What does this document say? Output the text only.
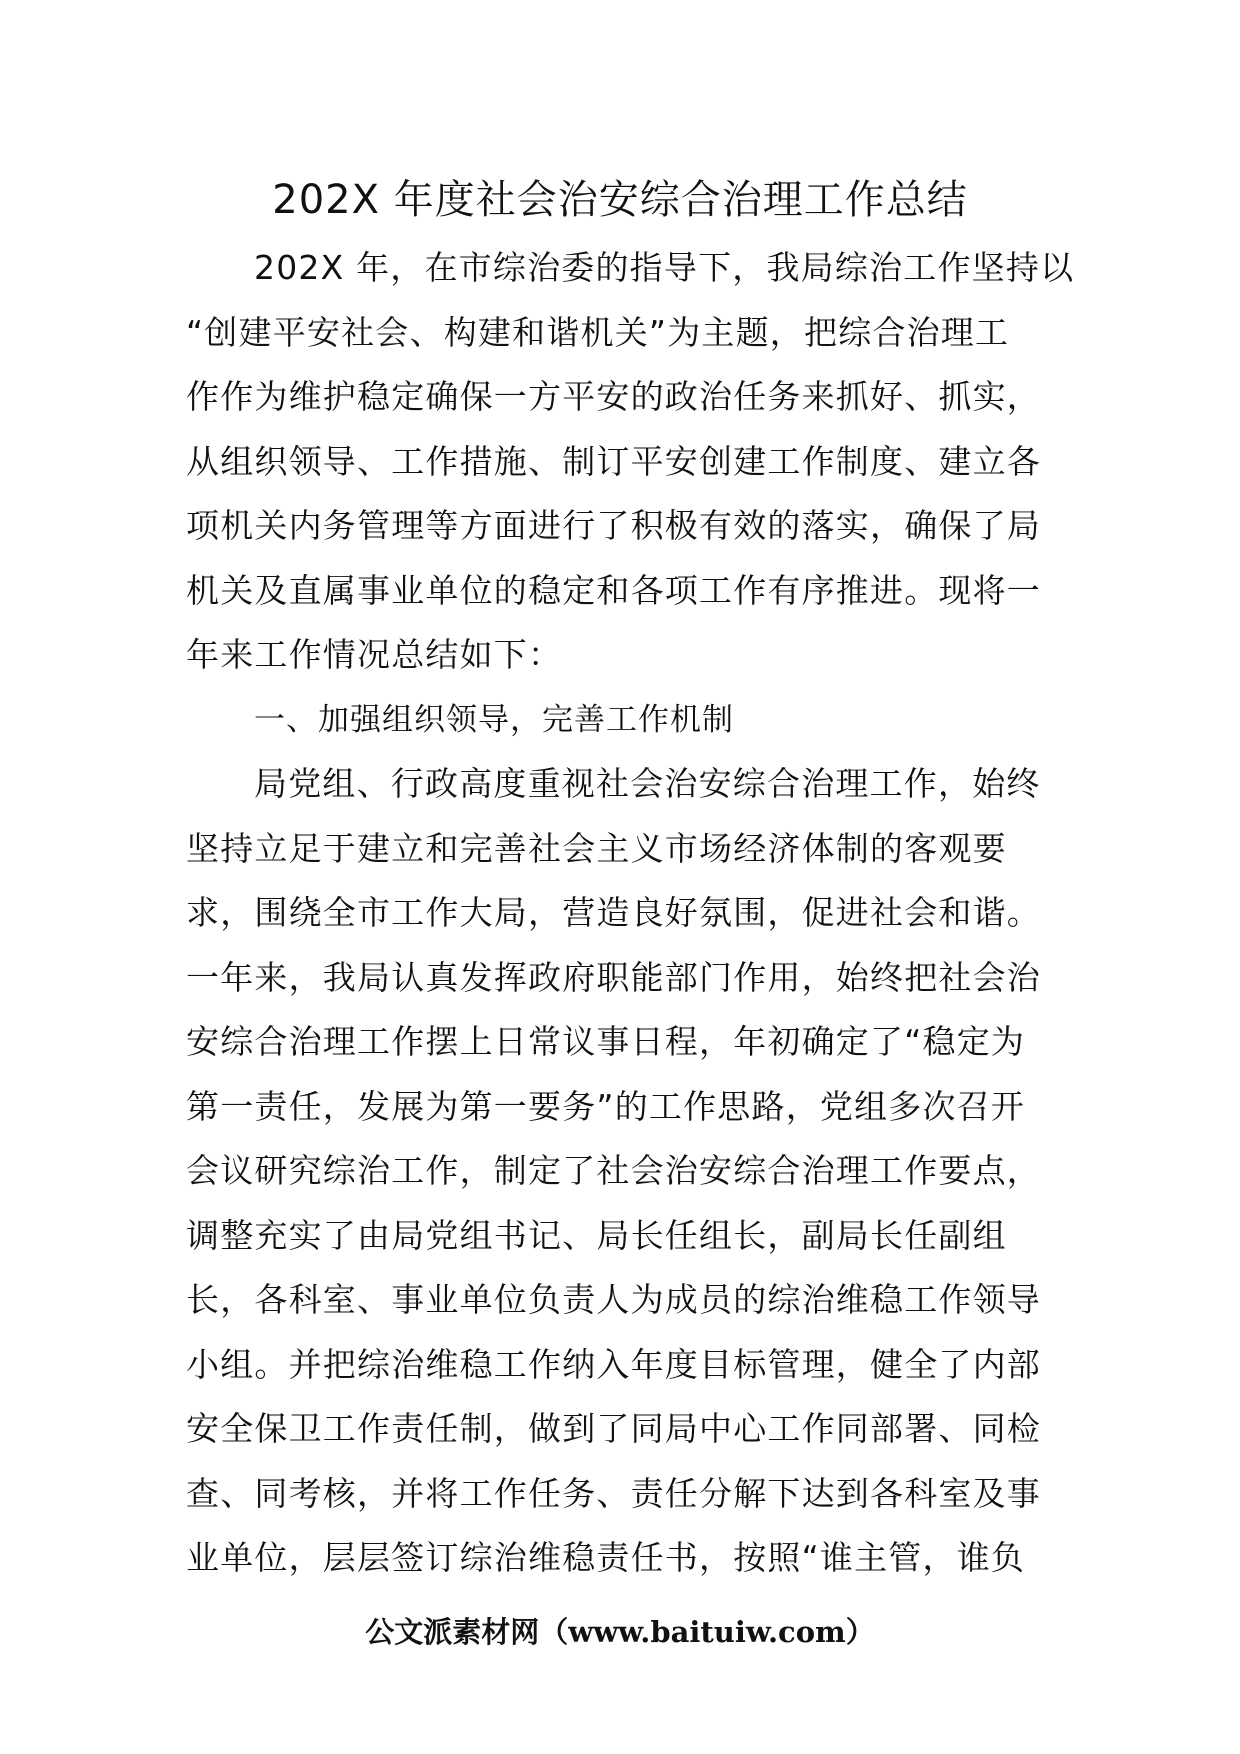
202X 年度社会治安综合治理工作总结
202X 年，在市综治委的指导下，我局综治工作坚持以
“创建平安社会、构建和谐机关”为主题，把综合治理工
作作为维护稳定确保一方平安的政治任务来抓好、抓实，
从组织领导、工作措施、制订平安创建工作制度、建立各
项机关内务管理等方面进行了积极有效的落实，确保了局
机关及直属事业单位的稳定和各项工作有序推进。现将一
年来工作情况总结如下：
一、加强组织领导，完善工作机制
局党组、行政高度重视社会治安综合治理工作，始终
坚持立足于建立和完善社会主义市场经济体制的客观要
求，围绕全市工作大局，营造良好氛围，促进社会和谐。
一年来，我局认真发挥政府职能部门作用，始终把社会治
安综合治理工作摆上日常议事日程，年初确定了“稳定为
第一责任，发展为第一要务”的工作思路，党组多次召开
会议研究综治工作，制定了社会治安综合治理工作要点，
调整充实了由局党组书记、局长任组长，副局长任副组
长，各科室、事业单位负责人为成员的综治维稳工作领导
小组。并把综治维稳工作纳入年度目标管理，健全了内部
安全保卫工作责任制，做到了同局中心工作同部署、同检
查、同考核，并将工作任务、责任分解下达到各科室及事
业单位，层层签订综治维稳责任书，按照“谁主管，谁负
公文派素材网（www.baituiw.com）
